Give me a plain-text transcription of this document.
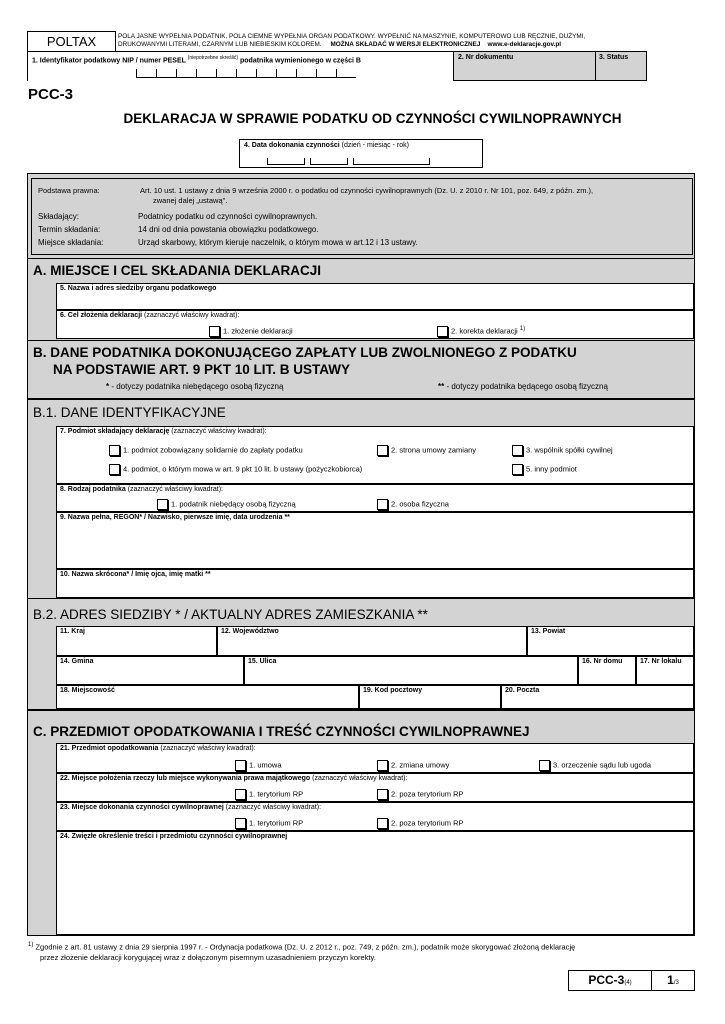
POLTAX	POLA JASNE WYPEŁNIA PODATNIK, POLA CIEMNE WYPEŁNIA ORGAN PODATKOWY. WYPEŁNIĆ NA MASZYNIE, KOMPUTEROWO LUB RĘCZNIE, DUŻYMI,
DRUKOWANYMI LITERAMI, CZARNYM LUB NIEBIESKIM KOLOREM. MOŻNA SKŁADAĆ W WERSJI ELEKTRONICZNEJ www.e-deklaracje.gov.pl
1. Identyfikator podatkowy NIP / numer PESEL $^{(niepotrzebne skreślić)}$ podatnika wymienionego w części B	2. Nr dokumentu	3. Status
PCC-3
DEKLARACJA W SPRAWIE PODATKU OD CZYNNOŚCI CYWILNOPRAWNYCH
4. Data dokonania czynności (dzień - miesiąc - rok)
Podstawa prawna:	Art. 10 ust. 1 ustawy z dnia 9 września 2000 r. o podatku od czynności cywilnoprawnych (Dz. U. z 2010 r. Nr 101, poz. 649, z późn. zm.),
zwanej dalej „ustawą".
Składający:	Podatnicy podatku od czynności cywilnoprawnych.
Termin składania:	14 dni od dnia powstania obowiązku podatkowego.
Miejsce składania:	Urząd skarbowy, którym kieruje naczelnik, o którym mowa w art.12 i 13 ustawy.
A. MIEJSCE I CEL SKŁADANIA DEKLARACJI
5. Nazwa i adres siedziby organu podatkowego
6. Cel złożenia deklaracji (zaznaczyć właściwy kwadrat):
1. złożenie deklaracji	2. korekta deklaracji $^{1)}$
B. DANE PODATNIKA DOKONUJĄCEGO ZAPŁATY LUB ZWOLNIONEGO Z PODATKU
NA PODSTAWIE ART. 9 PKT 10 LIT. B USTAWY
* - dotyczy podatnika niebędącego osobą fizyczną	** - dotyczy podatnika będącego osobą fizyczną
B.1. DANE IDENTYFIKACYJNE
7. Podmiot składający deklarację (zaznaczyć właściwy kwadrat):
1. podmiot zobowiązany solidarnie do zapłaty podatku	2. strona umowy zamiany	3. wspólnik spółki cywilnej
4. podmiot, o którym mowa w art. 9 pkt 10 lit. b ustawy (pożyczkobiorca)	5. inny podmiot
8. Rodzaj podatnika (zaznaczyć właściwy kwadrat):
1. podatnik niebędący osobą fizyczną	2. osoba fizyczna
9. Nazwa pełna, REGON* / Nazwisko, pierwsze imię, data urodzenia **
10. Nazwa skrócona* / Imię ojca, imię matki **
B.2. ADRES SIEDZIBY * / AKTUALNY ADRES ZAMIESZKANIA **
11. Kraj	12. Województwo	13. Powiat
14. Gmina	15. Ulica	16. Nr domu	17. Nr lokalu
18. Miejscowość	19. Kod pocztowy	20. Poczta
C. PRZEDMIOT OPODATKOWANIA I TREŚĆ CZYNNOŚCI CYWILNOPRAWNEJ
21. Przedmiot opodatkowania (zaznaczyć właściwy kwadrat):
1. umowa	2. zmiana umowy	3. orzeczenie sądu lub ugoda
22. Miejsce położenia rzeczy lub miejsce wykonywania prawa majątkowego (zaznaczyć właściwy kwadrat):
1. terytorium RP	2. poza terytorium RP
23. Miejsce dokonania czynności cywilnoprawnej (zaznaczyć właściwy kwadrat):
1. terytorium RP	2. poza terytorium RP
24. Zwięzłe określenie treści i przedmiotu czynności cywilnoprawnej
$^{1)}$ Zgodnie z art. 81 ustawy z dnia 29 sierpnia 1997 r. - Ordynacja podatkowa (Dz. U. z 2012 r., poz. 749, z późn. zm.), podatnik może skorygować złożoną deklarację
przez złożenie deklaracji korygującej wraz z dołączonym pisemnym uzasadnieniem przyczyn korekty.
PCC-3(4)	1/3
